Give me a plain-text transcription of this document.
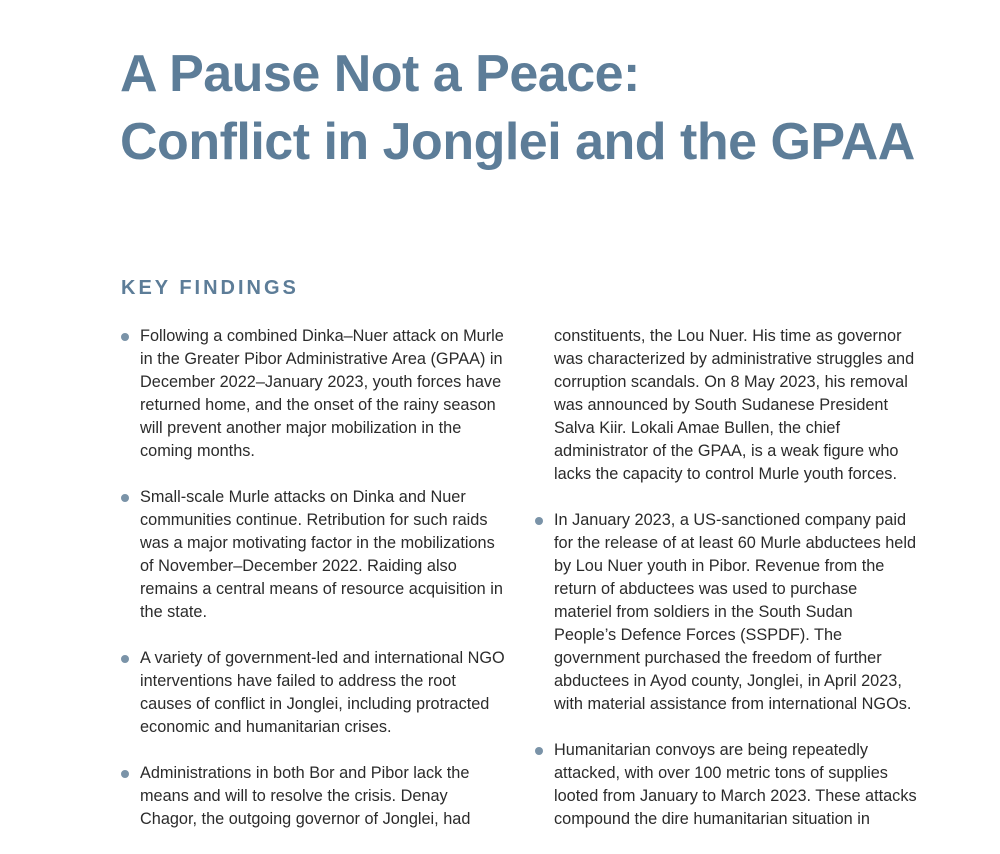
A Pause Not a Peace:
Conflict in Jonglei and the GPAA
KEY FINDINGS

Following a combined Dinka–Nuer attack on Murle in the Greater Pibor Administrative Area (GPAA) in December 2022–January 2023, youth forces have returned home, and the onset of the rainy season will prevent another major mobilization in the coming months.

Small-scale Murle attacks on Dinka and Nuer communities continue. Retribution for such raids was a major motivating factor in the mobilizations of November–December 2022. Raiding also remains a central means of resource acquisition in the state.

A variety of government-led and international NGO interventions have failed to address the root causes of conflict in Jonglei, including protracted economic and humanitarian crises.

Administrations in both Bor and Pibor lack the means and will to resolve the crisis. Denay Chagor, the outgoing governor of Jonglei, had

constituents, the Lou Nuer. His time as governor was characterized by administrative struggles and corruption scandals. On 8 May 2023, his removal was announced by South Sudanese President Salva Kiir. Lokali Amae Bullen, the chief administrator of the GPAA, is a weak figure who lacks the capacity to control Murle youth forces.

In January 2023, a US-sanctioned company paid for the release of at least 60 Murle abductees held by Lou Nuer youth in Pibor. Revenue from the return of abductees was used to purchase materiel from soldiers in the South Sudan People’s Defence Forces (SSPDF). The government purchased the freedom of further abductees in Ayod county, Jonglei, in April 2023, with material assistance from international NGOs.

Humanitarian convoys are being repeatedly attacked, with over 100 metric tons of supplies looted from January to March 2023. These attacks compound the dire humanitarian situation in
